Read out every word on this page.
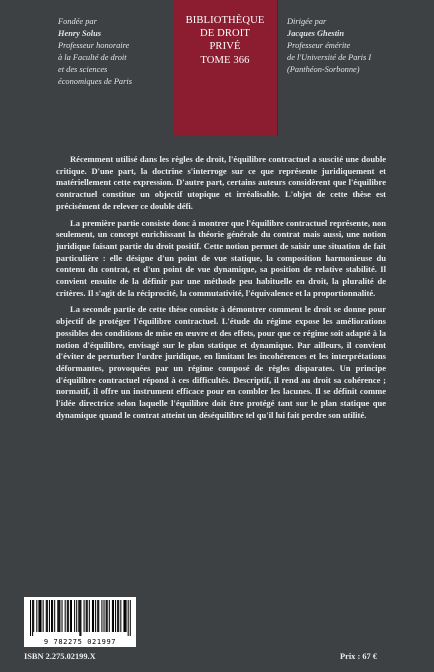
Fondée par
Henry Solus
Professeur honoraire
à la Faculté de droit
et des sciences
économiques de Paris
BIBLIOTHÈQUE
DE DROIT
PRIVÉ
TOME 366
Dirigée par
Jacques Ghestin
Professeur émérite
de l'Université de Paris I
(Panthéon-Sorbonne)

Récemment utilisé dans les règles de droit, l'équilibre contractuel a suscité une double critique. D'une part, la doctrine s'interroge sur ce que représente juridiquement et matériellement cette expression. D'autre part, certains auteurs considèrent que l'équilibre contractuel constitue un objectif utopique et irréalisable. L'objet de cette thèse est précisément de relever ce double défi.

La première partie consiste donc à montrer que l'équilibre contractuel représente, non seulement, un concept enrichissant la théorie générale du contrat mais aussi, une notion juridique faisant partie du droit positif. Cette notion permet de saisir une situation de fait particulière : elle désigne d'un point de vue statique, la composition harmonieuse du contenu du contrat, et d'un point de vue dynamique, sa position de relative stabilité. Il convient ensuite de la définir par une méthode peu habituelle en droit, la pluralité de critères. Il s'agit de la réciprocité, la commutativité, l'équivalence et la proportionnalité.

La seconde partie de cette thèse consiste à démontrer comment le droit se donne pour objectif de protéger l'équilibre contractuel. L'étude du régime expose les améliorations possibles des conditions de mise en œuvre et des effets, pour que ce régime soit adapté à la notion d'équilibre, envisagé sur le plan statique et dynamique. Par ailleurs, il convient d'éviter de perturber l'ordre juridique, en limitant les incohérences et les interprétations déformantes, provoquées par un régime composé de règles disparates. Un principe d'équilibre contractuel répond à ces difficultés. Descriptif, il rend au droit sa cohérence ; normatif, il offre un instrument efficace pour en combler les lacunes. Il se définit comme l'idée directrice selon laquelle l'équilibre doit être protégé tant sur le plan statique que dynamique quand le contrat atteint un déséquilibre tel qu'il lui fait perdre son utilité.

9 782275 021997
ISBN 2.275.02199.X	Prix : 67 €
